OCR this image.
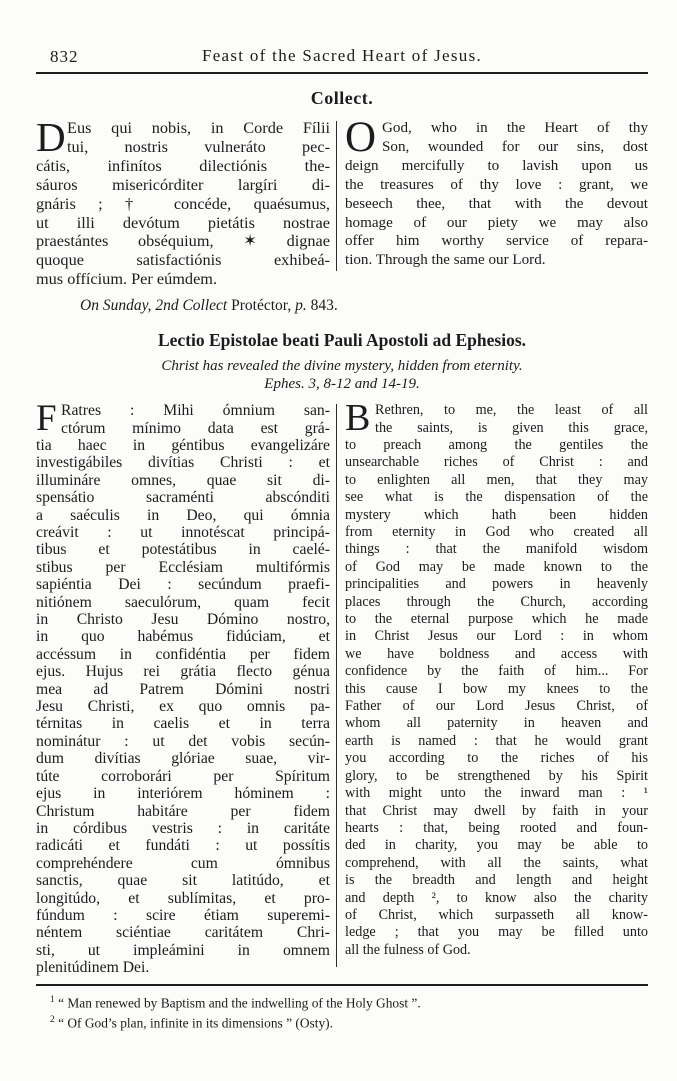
832	Feast of the Sacred Heart of Jesus.
Collect.
D Eus qui nobis, in Corde Fílii
tui, nostris vulneráto pec-
cátis, infinítos dilectiónis the-
sáuros misericórditer largíri di-
gnáris ; † concéde, quaésumus,
ut illi devótum pietátis nostrae
praestántes obséquium, ✶ dignae
quoque satisfactiónis exhibeá-
mus offícium. Per eúmdem.
O God, who in the Heart of thy
Son, wounded for our sins, dost
deign mercifully to lavish upon us
the treasures of thy love : grant, we
beseech thee, that with the devout
homage of our piety we may also
offer him worthy service of repara-
tion. Through the same our Lord.

On Sunday, 2nd Collect Protéctor, p. 843.

Lectio Epistolae beati Pauli Apostoli ad Ephesios.

Christ has revealed the divine mystery, hidden from eternity.

Ephes. 3, 8-12 and 14-19.

F Ratres : Mihi ómnium san-
ctórum mínimo data est grá-
tia haec in géntibus evangelizáre
investigábiles divítias Christi : et
illumináre omnes, quae sit di-
spensátio sacraménti abscónditi
a saéculis in Deo, qui ómnia
creávit : ut innotéscat principá-
tibus et potestátibus in caelé-
stibus per Ecclésiam multifórmis
sapiéntia Dei : secúndum praefi-
nitiónem saeculórum, quam fecit
in Christo Jesu Dómino nostro,
in quo habémus fidúciam, et
accéssum in confidéntia per fidem
ejus. Hujus rei grátia flecto génua
mea ad Patrem Dómini nostri
Jesu Christi, ex quo omnis pa-
térnitas in caelis et in terra
nominátur : ut det vobis secún-
dum divítias glóriae suae, vir-
túte corroborári per Spíritum
ejus in interiórem hóminem :
Christum habitáre per fidem
in córdibus vestris : in caritáte
radicáti et fundáti : ut possítis
comprehéndere cum ómnibus
sanctis, quae sit latitúdo, et
longitúdo, et sublímitas, et pro-
fúndum : scire étiam superemi-
néntem sciéntiae caritátem Chri-
sti, ut impleámini in omnem
plenitúdinem Dei.
B Rethren, to me, the least of all
the saints, is given this grace,
to preach among the gentiles the
unsearchable riches of Christ : and
to enlighten all men, that they may
see what is the dispensation of the
mystery which hath been hidden
from eternity in God who created all
things : that the manifold wisdom
of God may be made known to the
principalities and powers in heavenly
places through the Church, according
to the eternal purpose which he made
in Christ Jesus our Lord : in whom
we have boldness and access with
confidence by the faith of him... For
this cause I bow my knees to the
Father of our Lord Jesus Christ, of
whom all paternity in heaven and
earth is named : that he would grant
you according to the riches of his
glory, to be strengthened by his Spirit
with might unto the inward man : ¹
that Christ may dwell by faith in your
hearts : that, being rooted and foun-
ded in charity, you may be able to
comprehend, with all the saints, what
is the breadth and length and height
and depth ², to know also the charity
of Christ, which surpasseth all know-
ledge ; that you may be filled unto
all the fulness of God.
$^1$ “ Man renewed by Baptism and the indwelling of the Holy Ghost ”.
$^2$ “ Of God’s plan, infinite in its dimensions ” (Osty).
